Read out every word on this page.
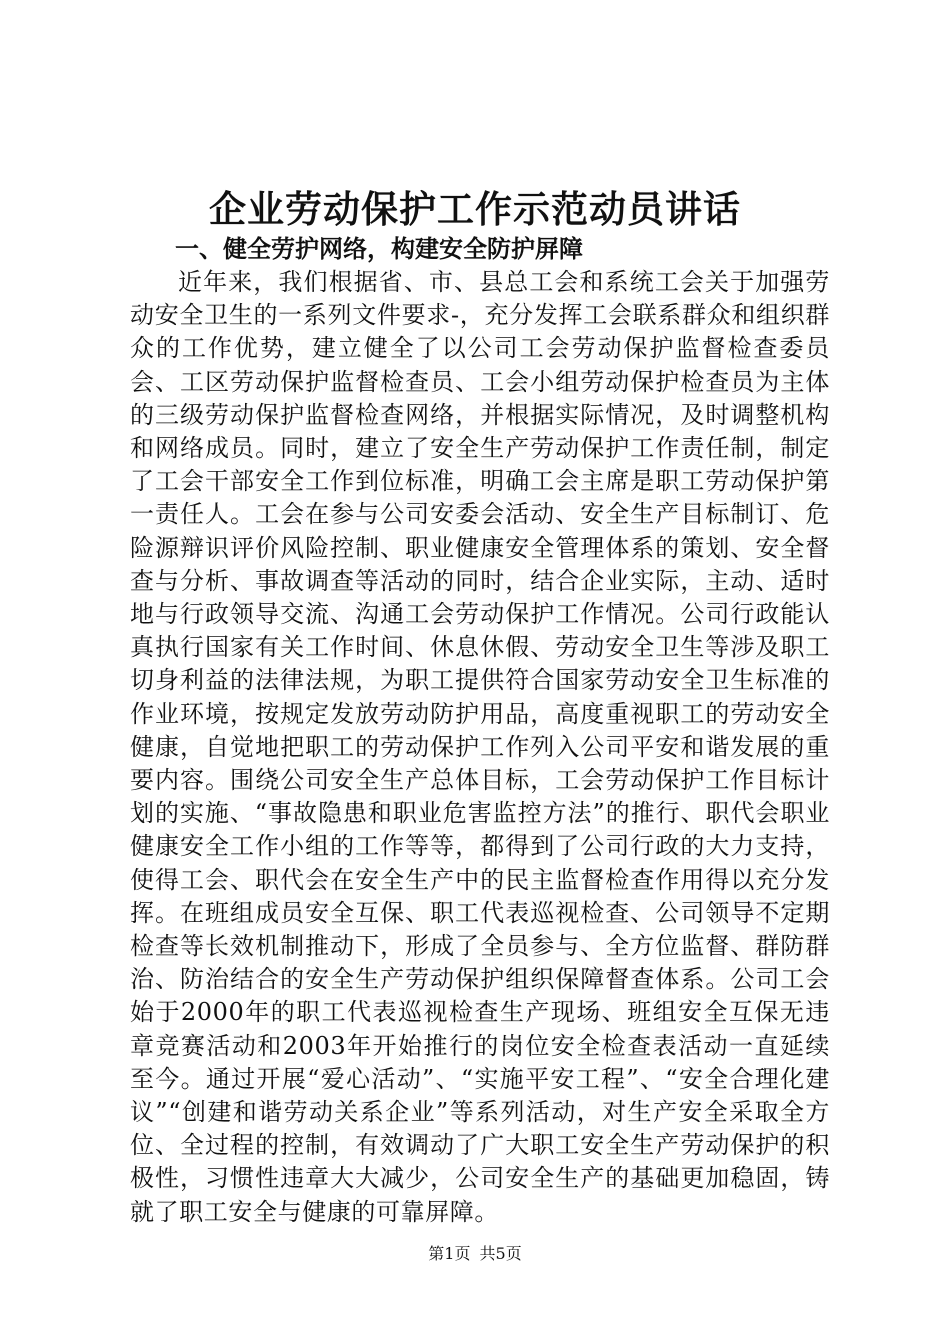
企业劳动保护工作示范动员讲话
一、健全劳护网络，构建安全防护屏障

近年来，我们根据省、市、县总工会和系统工会关于加强劳动安全卫生的一系列文件要求-，充分发挥工会联系群众和组织群众的工作优势，建立健全了以公司工会劳动保护监督检查委员会、工区劳动保护监督检查员、工会小组劳动保护检查员为主体的三级劳动保护监督检查网络，并根据实际情况，及时调整机构和网络成员。同时，建立了安全生产劳动保护工作责任制，制定了工会干部安全工作到位标准，明确工会主席是职工劳动保护第一责任人。工会在参与公司安委会活动、安全生产目标制订、危险源辩识评价风险控制、职业健康安全管理体系的策划、安全督查与分析、事故调查等活动的同时，结合企业实际，主动、适时地与行政领导交流、沟通工会劳动保护工作情况。公司行政能认真执行国家有关工作时间、休息休假、劳动安全卫生等涉及职工切身利益的法律法规，为职工提供符合国家劳动安全卫生标准的作业环境，按规定发放劳动防护用品，高度重视职工的劳动安全健康，自觉地把职工的劳动保护工作列入公司平安和谐发展的重要内容。围绕公司安全生产总体目标，工会劳动保护工作目标计划的实施、“事故隐患和职业危害监控方法”的推行、职代会职业健康安全工作小组的工作等等，都得到了公司行政的大力支持，使得工会、职代会在安全生产中的民主监督检查作用得以充分发挥。在班组成员安全互保、职工代表巡视检查、公司领导不定期检查等长效机制推动下，形成了全员参与、全方位监督、群防群治、防治结合的安全生产劳动保护组织保障督查体系。公司工会始于2000年的职工代表巡视检查生产现场、班组安全互保无违章竞赛活动和2003年开始推行的岗位安全检查表活动一直延续至今。通过开展“爱心活动”、“实施平安工程”、“安全合理化建议”“创建和谐劳动关系企业”等系列活动，对生产安全采取全方位、全过程的控制，有效调动了广大职工安全生产劳动保护的积极性，习惯性违章大大减少，公司安全生产的基础更加稳固，铸就了职工安全与健康的可靠屏障。

第1页 共5页
